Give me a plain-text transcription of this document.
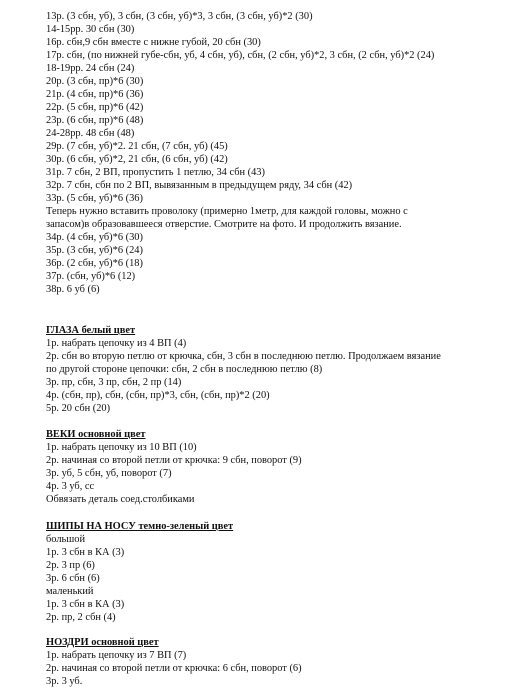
13р. (3 сбн, уб), 3 сбн, (3 сбн, уб)*3, 3 сбн, (3 сбн, уб)*2 (30)
14-15рр. 30 сбн (30)
16р. сбн,9 сбн вместе с нижне губой, 20 сбн (30)
17р. сбн, (по нижней губе-сбн, уб, 4 сбн, уб), сбн, (2 сбн, уб)*2, 3 сбн, (2 сбн, уб)*2 (24)
18-19рр. 24 сбн (24)
20р. (3 сбн, пр)*6 (30)
21р. (4 сбн, пр)*6 (36)
22р. (5 сбн, пр)*6 (42)
23р. (6 сбн, пр)*6 (48)
24-28рр. 48 сбн (48)
29р. (7 сбн, уб)*2. 21 сбн, (7 сбн, уб) (45)
30р. (6 сбн, уб)*2, 21 сбн, (6 сбн, уб) (42)
31р. 7 сбн, 2 ВП, пропустить 1 петлю, 34 сбн (43)
32р. 7 сбн, сбн по 2 ВП, вывязанным в предыдущем ряду, 34 сбн (42)
33р. (5 сбн, уб)*6 (36)
Теперь нужно вставить проволоку (примерно 1метр, для каждой головы, можно с
запасом)в образовавшееся отверстие. Смотрите на фото. И продолжить вязание.
34р. (4 сбн, уб)*6 (30)
35р. (3 сбн, уб)*6 (24)
36р. (2 сбн, уб)*6 (18)
37р. (сбн, уб)*6 (12)
38р. 6 уб (6)
ГЛАЗА белый цвет
1р. набрать цепочку из 4 ВП (4)
2р. сбн во вторую петлю от крючка, сбн, 3 сбн в последнюю петлю. Продолжаем вязание
по другой стороне цепочки: сбн, 2 сбн в последнюю петлю (8)
3р. пр, сбн, 3 пр, сбн, 2 пр (14)
4р. (сбн, пр), сбн, (сбн, пр)*3, сбн, (сбн, пр)*2 (20)
5р. 20 сбн (20)
ВЕКИ основной цвет
1р. набрать цепочку из 10 ВП (10)
2р. начиная со второй петли от крючка: 9 сбн, поворот (9)
3р. уб, 5 сбн, уб, поворот (7)
4р. 3 уб, сс
Обвязать деталь соед.столбиками
ШИПЫ НА НОСУ темно-зеленый цвет
большой
1р. 3 сбн в КА (3)
2р. 3 пр (6)
3р. 6 сбн (6)
маленький
1р. 3 сбн в КА (3)
2р. пр, 2 сбн (4)
НОЗДРИ основной цвет
1р. набрать цепочку из 7 ВП (7)
2р. начиная со второй петли от крючка: 6 сбн, поворот (6)
3р. 3 уб.
